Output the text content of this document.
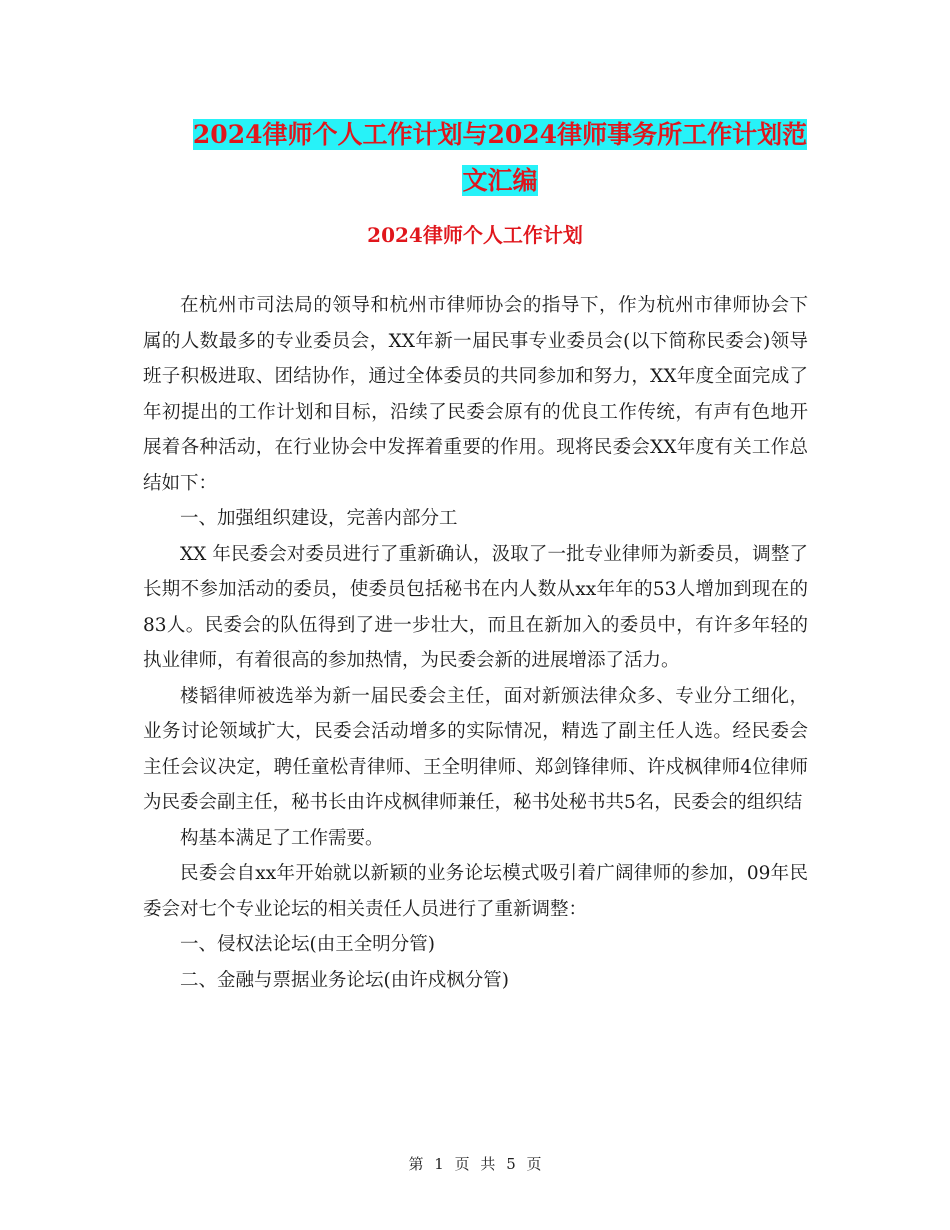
2024律师个人工作计划与2024律师事务所工作计划范
文汇编
2024律师个人工作计划

在杭州市司法局的领导和杭州市律师协会的指导下，作为杭州市律师协会下属的人数最多的专业委员会，XX年新一届民事专业委员会(以下简称民委会)领导班子积极进取、团结协作，通过全体委员的共同参加和努力，XX年度全面完成了年初提出的工作计划和目标，沿续了民委会原有的优良工作传统，有声有色地开展着各种活动，在行业协会中发挥着重要的作用。现将民委会XX年度有关工作总结如下：

一、加强组织建设，完善内部分工

XX 年民委会对委员进行了重新确认，汲取了一批专业律师为新委员，调整了长期不参加活动的委员，使委员包括秘书在内人数从xx年年的53人增加到现在的83人。民委会的队伍得到了进一步壮大，而且在新加入的委员中，有许多年轻的执业律师，有着很高的参加热情，为民委会新的进展增添了活力。

楼韬律师被选举为新一届民委会主任，面对新颁法律众多、专业分工细化，业务讨论领域扩大，民委会活动增多的实际情况，精选了副主任人选。经民委会主任会议决定，聘任童松青律师、王全明律师、郑剑锋律师、许戍枫律师4位律师为民委会副主任，秘书长由许戍枫律师兼任，秘书处秘书共5名，民委会的组织结

构基本满足了工作需要。

民委会自xx年开始就以新颖的业务论坛模式吸引着广阔律师的参加，09年民委会对七个专业论坛的相关责任人员进行了重新调整：

一、侵权法论坛(由王全明分管)

二、金融与票据业务论坛(由许戍枫分管)

第 1 页 共 5 页
